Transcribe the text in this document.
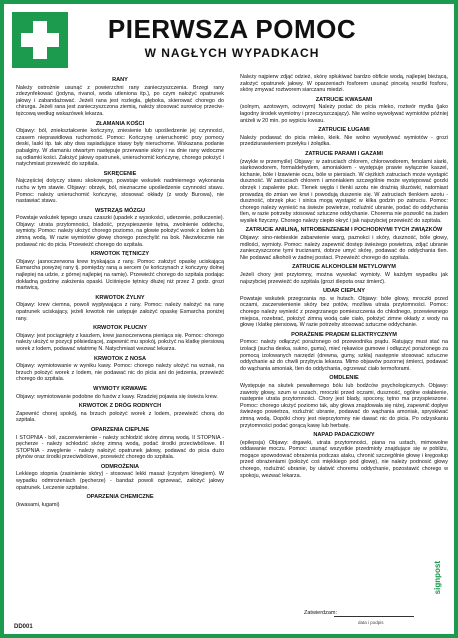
PIERWSZA POMOC
W NAGŁYCH WYPADKACH
RANY

Należy ostrożnie usunąć z powierzchni rany zanieczyszczenia. Brzegi rany zdezynfekować (jodyna, rivanol, woda utleniona itp.), po czym nałożyć opatrunek jałowy i zabandażować. Jeżeli rana jest rozległa, głęboka, skierować chorego do chirurga. Jeżeli rana jest zanieczyszczona ziemią, należy stosować surowicę przeciw-tężcową według wskazówek lekarza.

ZŁAMANIA KOŚCI

Objawy: ból, zniekształcenie kończyny, zniesienie lub upośledzenie jej czynności, czasem nieprawidłowa ruchomość. Pomoc: Kończynę unieruchomić przy pomocy deski, laski itp. tak aby dwa sąsiadujące stawy były nieruchome. Wskazana podanie pabalginy. W złamaniu otwartym następuje przerwanie skóry i na dnie rany widoczne są odłamki kości. Założyć jałowy opatrunek, unieruchomić kończynę, chorego położyć i natychmiast przewieźć do szpitala.

SKRĘCENIE

Najczęściej dotyczy stawu skokowego, powstaje wskutek nadmiernego wykonania ruchu w tym stawie. Objawy: obrzęk, ból, nieznaczne upośledzenie czynności stawu. Pomoc: należy unieruchomić kończynę, stosować okłady (z wody Burowa), nie nastawiać stawu.

WSTRZĄS MÓZGU

Powstaje wskutek tępego urazu czaszki (upadek z wysokości, uderzenie, potłuczenie). Objawy: utrata przytomności, bladość, przyspieszenie tętna, zwolnienie oddechu, wymioty. Pomoc: należy ułożyć chorego poziomo, na głowie położyć worek z lodem lub zimną wodą. W razie wymiotów głowę chorego przechylić na bok. Niezwłocznie nie podawać nic do picia. Przewieźć chorego do szpitala.

KRWOTOK TĘTNICZY

Objawy: jasnoczerwona krew tryskająca z rany. Pomoc: założyć opaskę uciskającą Esmarcha powyżej rany tj. pomiędzy raną a sercem (w kończynach z kończyny dolnej najlepiej na udzie, z górnej najlepiej na ramię). Przewieźć chorego do szpitala podając dokładną godzinę założenia opaski. Uciśnięcie tętnicy dłużej niż przez 2 godz. grozi martwicą.

KRWOTOK ŻYLNY

Objawy: krew ciemna, powoli wypływająca z rany. Pomoc: należy nałożyć na ranę opatrunek uciskający, jeżeli krwotok nie ustępuje założyć opaskę Esmarcha poniżej rany.

KRWOTOK PŁUCNY

Objawy: jest pociągnięty z kaszlem, krew jasnoczerwona pieniąca się. Pomoc: chorego należy ułożyć w pozycji półsiedzącej, zapewnić mu spokój, położyć na klatkę piersiową worek z lodem, podawać wlatrimę N. Natychmiast wezwać lekarza.

KRWOTOK Z NOSA

Objawy: wymiotowanie w wyniku kawy. Pomoc: chorego należy ułożyć na wznak, na brzuch położyć worek z lodem, nie podawać nic do picia ani do jedzenia, przewieźć chorego do szpitala.

WYMIOTY KRWAWE

Objawy: wymiotowanie podobne do fusów z kawy. Rzadziej pojawia się świeża krew.

KRWOTOK Z DRÓG RODNYCH

Zapewnić chorej spokój, na brzuch położyć worek z lodem, przewieźć chorą do szpitala.

OPARZENIA CIEPLNE

I STOPNIA - ból, zaczerwienienie - należy schłodzić skórę zimną wodą. II STOPNIA - pęcherze - należy schłodzić skórę zimną wodą, podać środki przeciwbólowe. III STOPNIA - zwęglenie - należy nałożyć opatrunek jałowy, podawać do picia dużo płynów oraz środki przeciwbólowe, przewieźć chorego do szpitala.

ODMROŻENIA

Lekkiego stopnia (zasinienie skóry) - stosować lekki masaż (czystym kinegiem). W wypadku odmrożeniach (pęcherze) - bandaż powoli ogrzewać, założyć jałowy opatrunek. Leczenie szpitalne.

OPARZENIA CHEMICZNE

(kwasami, ługami)

Należy najpierw zdjąć odzież, skórę spłukiwać bardzo obficie wodą, najlepiej bieżącą, założyć opatrunek jałowy. W oparzeniach fosforem usunąć pincetą resztki fosforu, skórę zmywać roztworem siarczanu miedzi.

ZATRUCIE KWASAMI

(solnym, azotowym, octowym) Należy podać do picia mleko, roztwór mydła (jako łagodny środek wymiotny i przeczyszczający). Nie wolno wywoływać wymiotów później aniżeli w 20 min. po wypiciu kwasu.

ZATRUCIE ŁUGAMI

Należy podawać do picia mleko, kleik. Nie wolno wywoływać wymiotów - grozi przedziurawieniem przełyku i żołądka.

ZATRUCIE PARAMI I GAZAMI

(zwykle w przemyśle) Objawy: w zatruciach chlorem, chlorowodorem, fenolami siarki, siarkowodorem, formaldehydem, amoniakiem - występuje prawie wyłącznie kaszel, kichanie, bóle i łzawienie oczu, bóle w piersiach. W ciężkich zatruciach może wystąpić duszność. W zatruciach chlorem i amoniakiem szczególnie może występować gorzki obrzęk i zapalenie płuc. Tlenek węgla i tlenki azotu nie drażnią śluzówki, natomiast prowadzą do zmian we krwi i powodują duszenie się. W zatruciach tlenkiem azotu - duszność, obrzęk płuc i sinica mogą wystąpić w kilka godzin po zatruciu. Pomoc: chorego należy wynieść na świeże powietrze, rozluźnić ubranie, podać do oddychania tlen, w razie potrzeby stosować sztuczne oddychanie. Chorema nie pozwolić na żaden wysiłek fizyczny. Chorego należy ciepło okryć i jak najszybciej przewieźć do szpitala.

ZATRUCIE ANILINĄ, NITROBENZENEM I POCHODNYMI TYCH ZWIĄZKÓW

Objawy: sino-niebieskie zabarwienie warg, paznokci i skóry, duszność, bóle głowy, mdłości, wymioty. Pomoc: należy zapewnić dostęp świeżego powietrza, zdjąć ubranie zanieczyszczone tymi truciznami, dobrze umyć skórę, podawać do oddychania tlen. Nie podawać alkoholi w żadnej postaci. Przewieźć chorego do szpitala.

ZATRUCIE ALKOHOLEM METYLOWYM

Jeżeli chory jest przytomny, można wywołać wymioty. W każdym wypadku jak najszybciej przewieźć do szpitala (grozi ślepota oraz śmierć).

UDAR CIEPLNY

Powstaje wskutek przegrzania np. w hutach. Objawy: bóle głowy, mroczki przed oczami, zaczerwienienie skóry bez potów, możliwa utrata przytomności. Pomoc: chorego należy wynieść z przegrzanego pomieszczenia do chłodnego, przewiewnego miejsca, rozebrać, położyć zimną wodą całe ciało, położyć zimne okłady z wody na głowę i klatkę piersiową. W razie potrzeby stosować sztuczne oddychanie.

PORAŻENIE PRĄDEM ELEKTRYCZNYM

Pomoc: należy odłączyć porażonego od przewodnika prądu. Ratujący musi stać na izolacji (sucha deska, sukno, guma), mieć rękawice gumowe i odłączyć porażonego za pomocą izolowanych narzędzi (drewna, gumy, szkła) następnie stosować sztuczne oddychanie aż do chwili przybycia lekarza. Mimo objawów pozornej śmierci, podawać do wąchania amoniak, tlen do oddychania, ogrzewać ciało termoforami.

OMDLENIE

Występuje na skutek pewałternego bólu lub bodźców psychologicznych. Objawy: zawroty głowy, szum w uszach, mroczki przed oczami, duszność, ogólne osłabienie, następnie utrata przytomności. Chory jest blady, spocony, tętno ma przyspieszone. Pomoc: chorego ułożyć poziomo tak, aby głowa znajdowała się niżej, zapewnić dopływ świeżego powietrza, rozluźnić ubranie, podawać do wąchania amoniak, spryskiwać zimną wodą. Dopóki chory jest nieprzytomny nie dawać nic do picia. Po odzyskaniu przytomności podać gorącą kawę lub herbatę.

NAPAD PADACZKOWY

(epilepsja) Objawy: drgawki, utrata przytomności, piana na ustach, mimowolne oddawanie moczu. Pomoc: usunąć wszystkie przedmioty znajdujące się w pobliżu, mogące spowodować obrażenia podczas ataku, chronić szczególnie głowę i kręgosłup przed obrażeniami (położyć coś miękkiego pod głowę), nie należy podnosić głowy chorego, rozluźnić ubranie, by ułatwić choremu oddychanie, pozostawić chorego w spokoju, wezwać lekarza.

Zatwierdzam:
data i podpis
DD001
signpost
